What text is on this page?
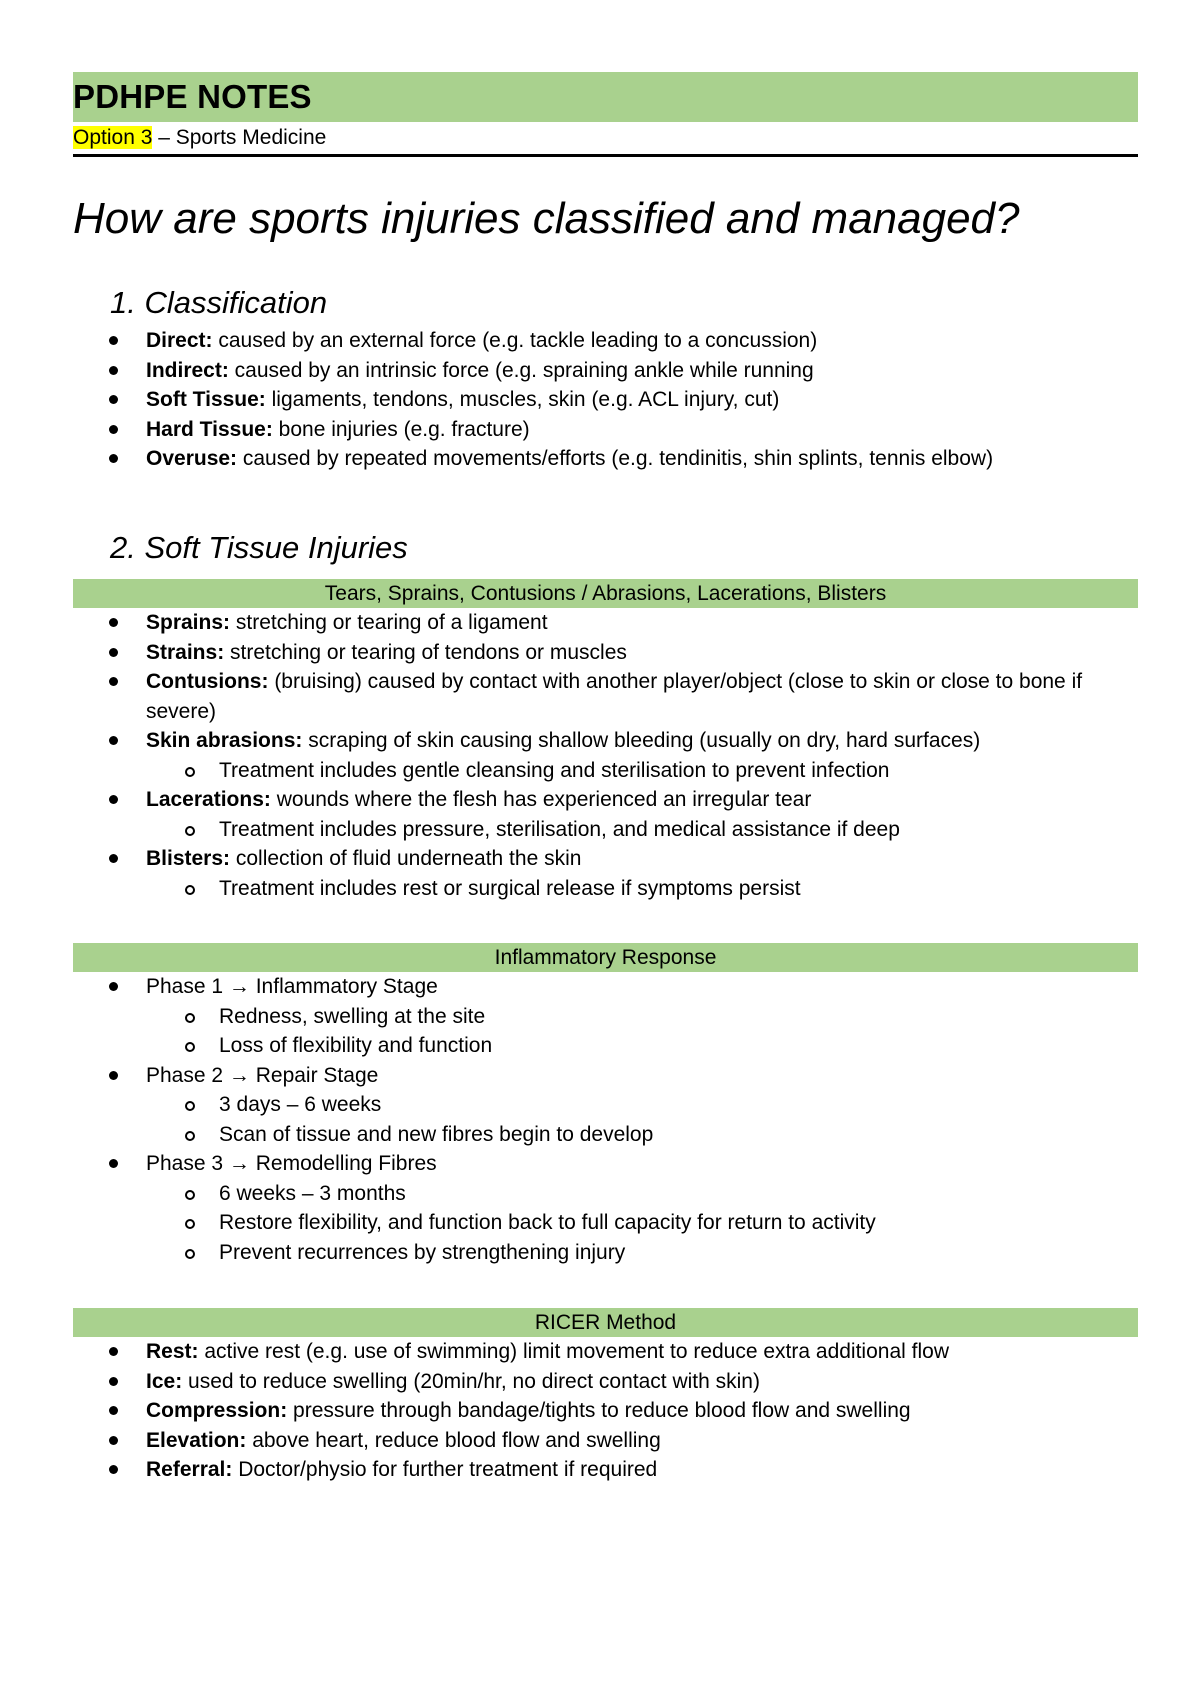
PDHPE NOTES
Option 3 – Sports Medicine
How are sports injuries classified and managed?
1. Classification
Direct: caused by an external force (e.g. tackle leading to a concussion)
Indirect: caused by an intrinsic force (e.g. spraining ankle while running
Soft Tissue: ligaments, tendons, muscles, skin (e.g. ACL injury, cut)
Hard Tissue: bone injuries (e.g. fracture)
Overuse: caused by repeated movements/efforts (e.g. tendinitis, shin splints, tennis elbow)
2. Soft Tissue Injuries
Tears, Sprains, Contusions / Abrasions, Lacerations, Blisters
Sprains: stretching or tearing of a ligament
Strains: stretching or tearing of tendons or muscles
Contusions: (bruising) caused by contact with another player/object (close to skin or close to bone if severe)
Skin abrasions: scraping of skin causing shallow bleeding (usually on dry, hard surfaces)
Treatment includes gentle cleansing and sterilisation to prevent infection
Lacerations: wounds where the flesh has experienced an irregular tear
Treatment includes pressure, sterilisation, and medical assistance if deep
Blisters: collection of fluid underneath the skin
Treatment includes rest or surgical release if symptoms persist
Inflammatory Response
Phase 1 → Inflammatory Stage
Redness, swelling at the site
Loss of flexibility and function
Phase 2 → Repair Stage
3 days – 6 weeks
Scan of tissue and new fibres begin to develop
Phase 3 → Remodelling Fibres
6 weeks – 3 months
Restore flexibility, and function back to full capacity for return to activity
Prevent recurrences by strengthening injury
RICER Method
Rest: active rest (e.g. use of swimming) limit movement to reduce extra additional flow
Ice: used to reduce swelling (20min/hr, no direct contact with skin)
Compression: pressure through bandage/tights to reduce blood flow and swelling
Elevation: above heart, reduce blood flow and swelling
Referral: Doctor/physio for further treatment if required
